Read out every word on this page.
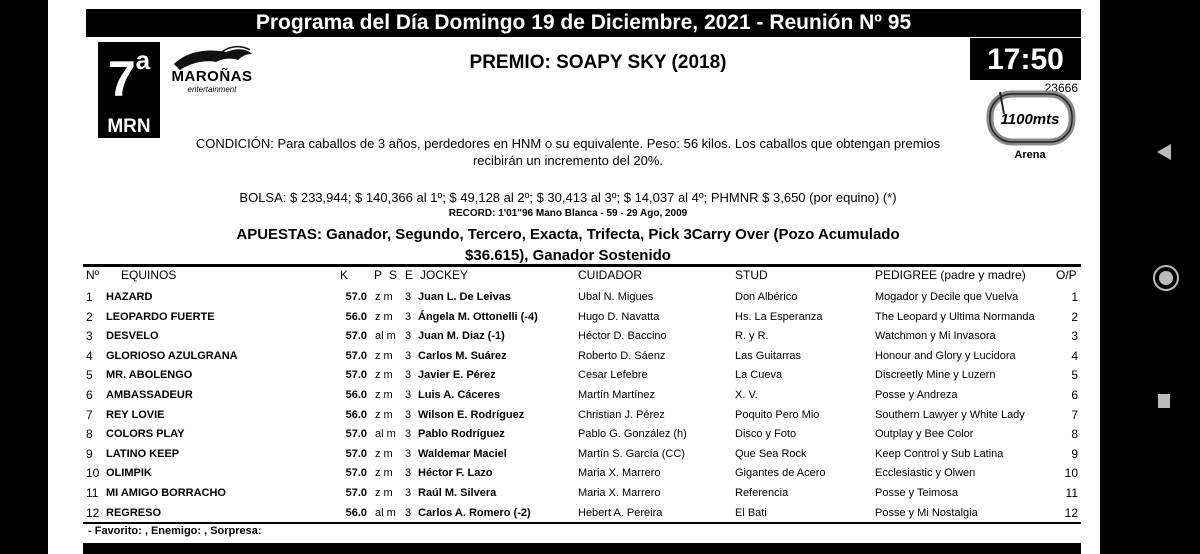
Programa del Día Domingo 19 de Diciembre, 2021 - Reunión Nº 95
7$^a$
MRN
MAROÑAS
entertainment
PREMIO: SOAPY SKY (2018)	17:50
23666
1100mts
Arena
CONDICIÓN: Para caballos de 3 años, perdedores en HNM o su equivalente. Peso: 56 kilos. Los caballos que obtengan premios recibirán un incremento del 20%.
BOLSA: $ 233,944; $ 140,366 al 1º; $ 49,128 al 2º; $ 30,413 al 3º; $ 14,037 al 4º; PHMNR $ 3,650 (por equino) (*)
RECORD: 1'01"96 Mano Blanca - 59 - 29 Ago, 2009
APUESTAS: Ganador, Segundo, Tercero, Exacta, Trifecta, Pick 3Carry Over (Pozo Acumulado $36.615), Ganador Sostenido
Nº EQUINOS	K P S E JOCKEY	CUIDADOR	STUD	PEDIGREE (padre y madre)	O/P
1 HAZARD	57.0 z m 3 Juan L. De Leivas	Ubal N. Migues	Don Albérico	Mogador y Decile que Vuelva	1
2 LEOPARDO FUERTE	56.0 z m 3 Ángela M. Ottonelli (-4)	Hugo D. Navatta	Hs. La Esperanza	The Leopard y Ultima Normanda	2
3 DESVELO	57.0 al m 3 Juan M. Diaz (-1)	Héctor D. Baccino	R. y R.	Watchmon y Mi Invasora	3
4 GLORIOSO AZULGRANA	57.0 z m 3 Carlos M. Suárez	Roberto D. Sáenz	Las Guitarras	Honour and Glory y Lucidora	4
5 MR. ABOLENGO	57.0 z m 3 Javier E. Pérez	Cesar Lefebre	La Cueva	Discreetly Mine y Luzern	5
6 AMBASSADEUR	56.0 z m 3 Luis A. Cáceres	Martín Martínez	X. V.	Posse y Andreza	6
7 REY LOVIE	56.0 z m 3 Wilson E. Rodríguez	Christian J. Pérez	Poquito Pero Mio	Southern Lawyer y White Lady	7
8 COLORS PLAY	57.0 al m 3 Pablo Rodríguez	Pablo G. González (h)	Disco y Foto	Outplay y Bee Color	8
9 LATINO KEEP	57.0 z m 3 Waldemar Maciel	Martín S. García (CC)	Que Sea Rock	Keep Control y Sub Latina	9
10 OLIMPIK	57.0 z m 3 Héctor F. Lazo	Maria X. Marrero	Gigantes de Acero	Ecclesiastic y Olwen	10
11 MI AMIGO BORRACHO	57.0 z m 3 Raúl M. Silvera	Maria X. Marrero	Referencia	Posse y Teimosa	11
12 REGRESO	56.0 al m 3 Carlos A. Romero (-2)	Hebert A. Pereira	El Bati	Posse y Mi Nostalgia	12
- Favorito: , Enemigo: , Sorpresa:
